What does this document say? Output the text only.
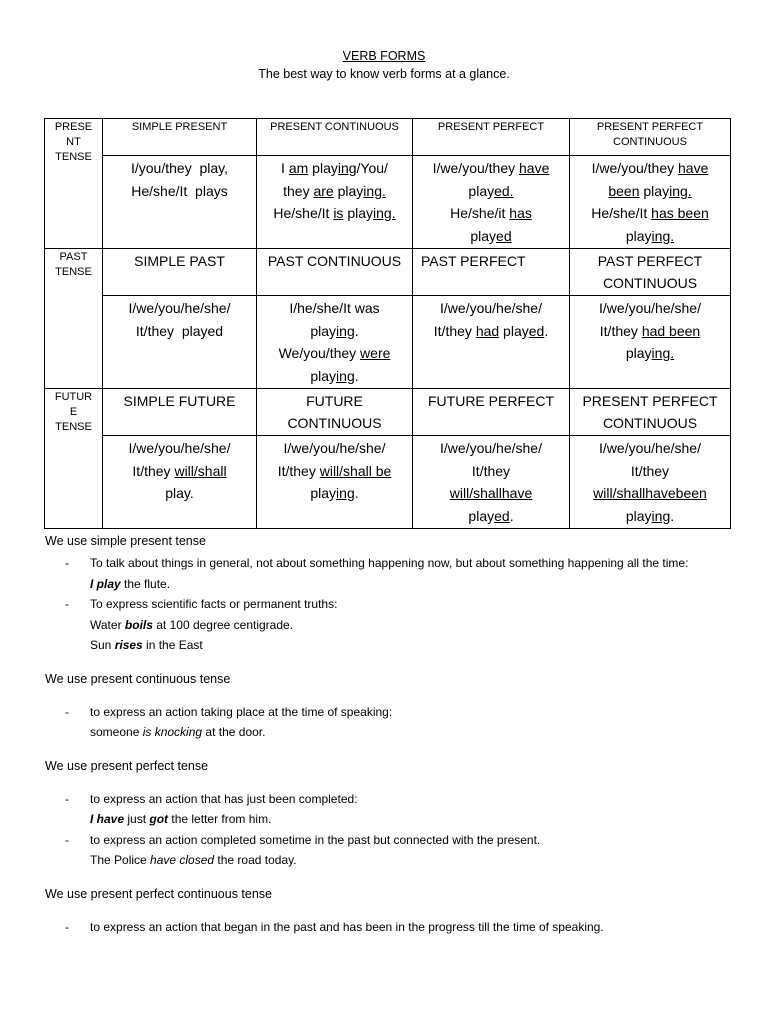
VERB FORMS
The best way to know verb forms at a glance.
PRESE
NT
TENSE	SIMPLE PRESENT	PRESENT CONTINUOUS	PRESENT PERFECT	PRESENT PERFECT
CONTINUOUS
	I/you/they  play,
He/she/It  plays	I am playing/You/
they are playing.
He/she/It is playing.	I/we/you/they have
played.
He/she/it has
played	I/we/you/they have
been playing.
He/she/It has been
playing.
PAST
TENSE	SIMPLE PAST	PAST CONTINUOUS	PAST PERFECT	PAST PERFECT
CONTINUOUS
	I/we/you/he/she/
It/they  played	I/he/she/It was
playing.
We/you/they were
playing.	I/we/you/he/she/
It/they had played.	I/we/you/he/she/
It/they had been
playing.
FUTUR
E
TENSE	SIMPLE FUTURE	FUTURE
CONTINUOUS	FUTURE PERFECT	PRESENT PERFECT
CONTINUOUS
	I/we/you/he/she/
It/they will/shall
play.	I/we/you/he/she/
It/they will/shall be
playing.	I/we/you/he/she/
It/they
will/shallhave
played.	I/we/you/he/she/
It/they
will/shallhavebeen
playing.
We use simple present tense
- To talk about things in general, not about something happening now, but about something happening all the time:
I play the flute.
- To express scientific facts or permanent truths:
Water boils at 100 degree centigrade.
Sun rises in the East
We use present continuous tense
- to express an action taking place at the time of speaking:
someone is knocking at the door.
We use present perfect tense
- to express an action that has just been completed:
I have just got the letter from him.
- to express an action completed sometime in the past but connected with the present.
The Police have closed the road today.
We use present perfect continuous tense
- to express an action that began in the past and has been in the progress till the time of speaking.
